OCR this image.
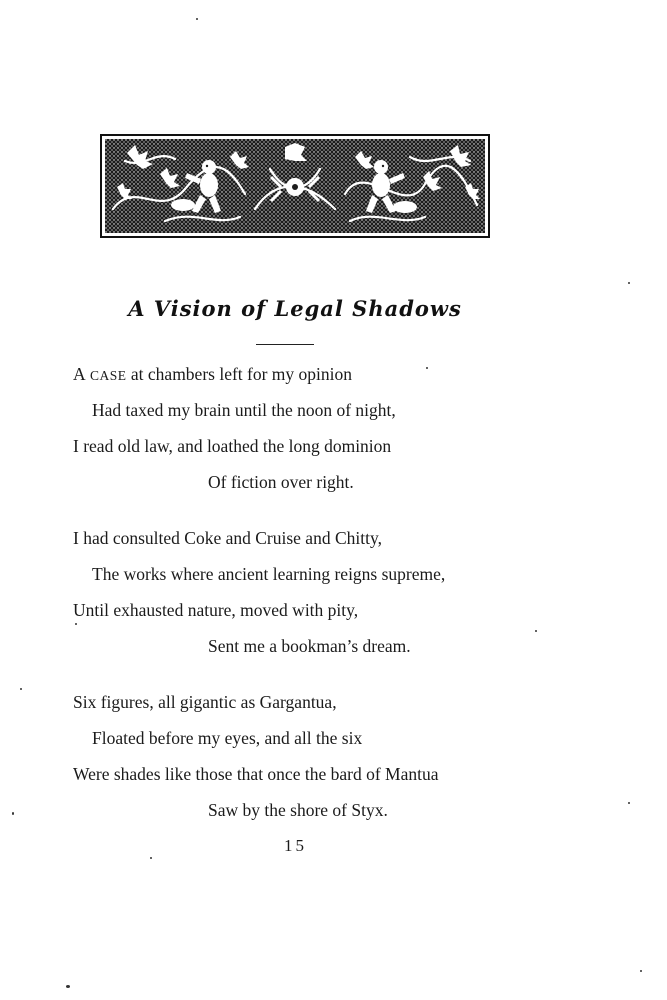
A Vision of Legal Shadows
A CASE at chambers left for my opinion
Had taxed my brain until the noon of night,
I read old law, and loathed the long dominion
Of fiction over right.
I had consulted Coke and Cruise and Chitty,
The works where ancient learning reigns supreme,
Until exhausted nature, moved with pity,
Sent me a bookman’s dream.
Six figures, all gigantic as Gargantua,
Floated before my eyes, and all the six
Were shades like those that once the bard of Mantua
Saw by the shore of Styx.
15
